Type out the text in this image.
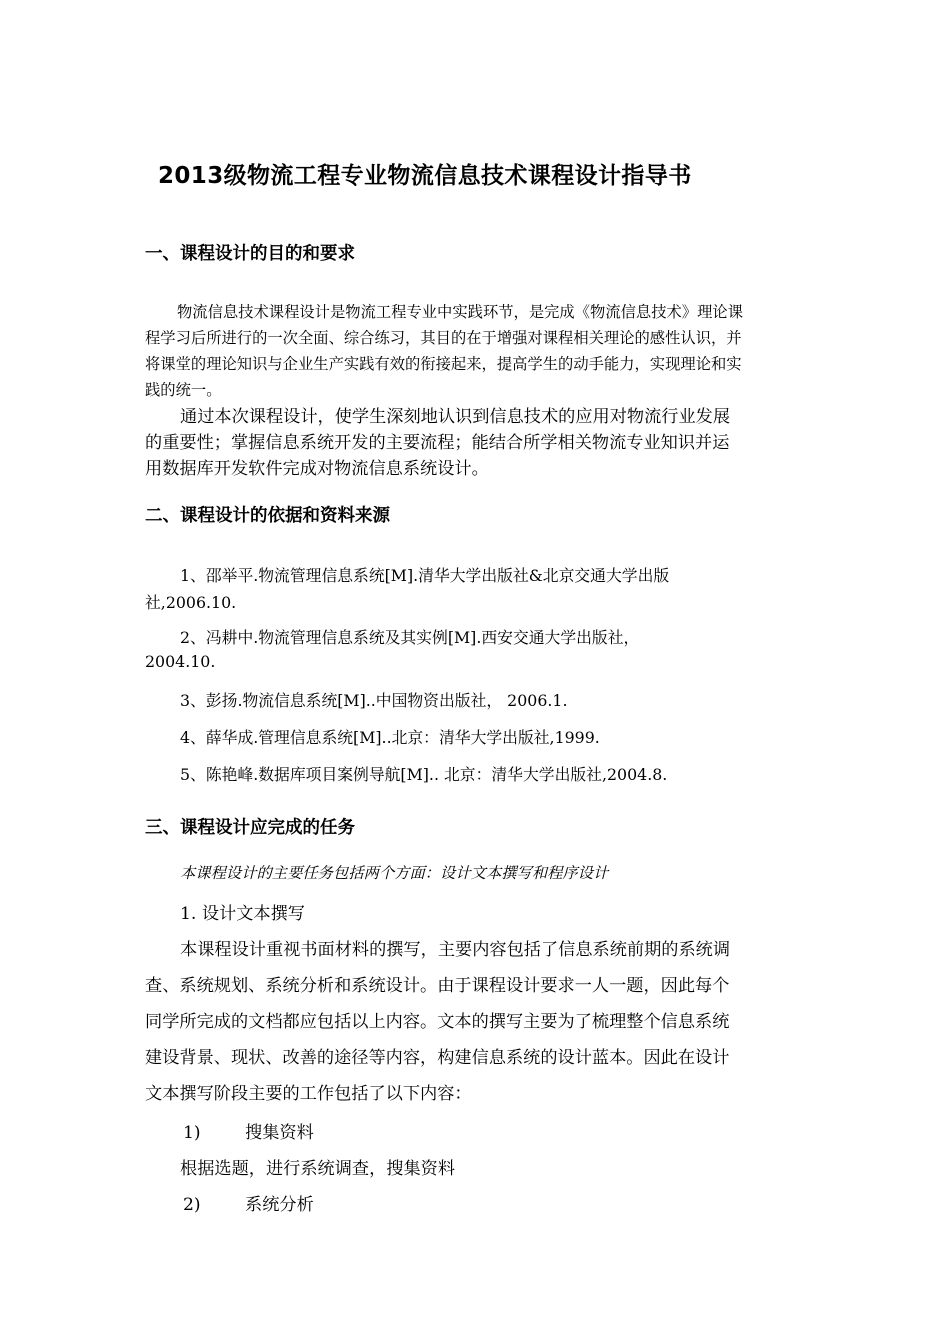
2013级物流工程专业物流信息技术课程设计指导书
一、课程设计的目的和要求
物流信息技术课程设计是物流工程专业中实践环节，是完成《物流信息技术》理论课
程学习后所进行的一次全面、综合练习，其目的在于增强对课程相关理论的感性认识，并
将课堂的理论知识与企业生产实践有效的衔接起来，提高学生的动手能力，实现理论和实
践的统一。
通过本次课程设计，使学生深刻地认识到信息技术的应用对物流行业发展
的重要性；掌握信息系统开发的主要流程；能结合所学相关物流专业知识并运
用数据库开发软件完成对物流信息系统设计。
二、课程设计的依据和资料来源
1、邵举平.物流管理信息系统[M].清华大学出版社&北京交通大学出版
社,2006.10.
2、冯耕中.物流管理信息系统及其实例[M].西安交通大学出版社，
2004.10.
3、彭扬.物流信息系统[M]..中国物资出版社， 2006.1.
4、薛华成.管理信息系统[M]..北京：清华大学出版社,1999.
5、陈艳峰.数据库项目案例导航[M].. 北京：清华大学出版社,2004.8.
三、课程设计应完成的任务
本课程设计的主要任务包括两个方面：设计文本撰写和程序设计
1. 设计文本撰写
本课程设计重视书面材料的撰写，主要内容包括了信息系统前期的系统调
查、系统规划、系统分析和系统设计。由于课程设计要求一人一题，因此每个
同学所完成的文档都应包括以上内容。文本的撰写主要为了梳理整个信息系统
建设背景、现状、改善的途径等内容，构建信息系统的设计蓝本。因此在设计
文本撰写阶段主要的工作包括了以下内容：
1)	搜集资料
根据选题，进行系统调查，搜集资料
2)	系统分析
